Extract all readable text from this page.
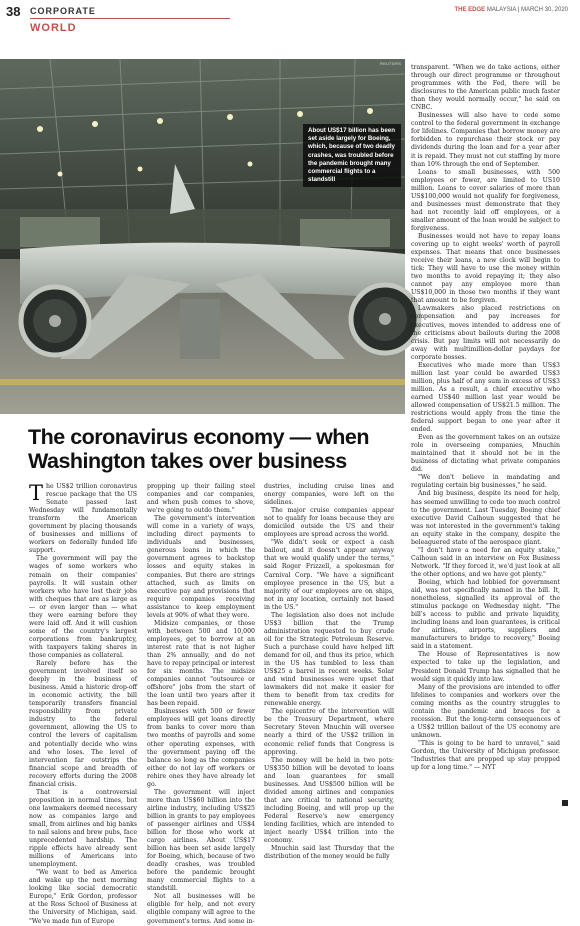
38 CORPORATE
WORLD
THE EDGE MALAYSIA | MARCH 30, 2020
REUTERS
About US$17 billion has been set aside largely for Boeing, which, because of two deadly crashes, was troubled before the pandemic brought many commercial flights to a standstill
The coronavirus economy — when Washington takes over business

The US$2 trillion coronavirus rescue package that the US Senate passed last Wednesday will fundamentally transform the American government by placing thousands of businesses and millions of workers on federally funded life support.

The government will pay the wages of some workers who remain on their companies' payrolls. It will sustain other workers who have lost their jobs with cheques that are as large as — or even larger than — what they were earning before they were laid off. And it will cushion some of the country's largest corporations from bankruptcy, with taxpayers taking shares in those companies as collateral.

Rarely before has the government involved itself so deeply in the business of business. Amid a historic drop-off in economic activity, the bill temporarily transfers financial responsibility from private industry to the federal government, allowing the US to control the levers of capitalism and potentially decide who wins and who loses. The level of intervention far outstrips the financial scope and breadth of recovery efforts during the 2008 financial crisis.

That is a controversial proposition in normal times, but one lawmakers deemed necessary now as companies large and small, from airlines and big banks to nail salons and brew pubs, face unprecedented hardship. The ripple effects have already sent millions of Americans into unemployment.

"We want to bed as America and wake up the next morning looking like social democratic Europe," Erik Gordon, professor at the Ross School of Business at the University of Michigan, said. "We've made fun of Europe

propping up their failing steel companies and car companies, and when push comes to shove, we're going to outdo them."

The government's intervention will come in a variety of ways, including direct payments to individuals and businesses, generous loans in which the government agrees to backstop losses and equity stakes in companies. But there are strings attached, such as limits on executive pay and provisions that require companies receiving assistance to keep employment levels at 90% of what they were.

Midsize companies, or those with between 500 and 10,000 employees, get to borrow at an interest rate that is not higher than 2% annually, and do not have to repay principal or interest for six months. The midsize companies cannot "outsource or offshore" jobs from the start of the loan until two years after it has been repaid.

Businesses with 500 or fewer employees will get loans directly from banks to cover more than two months of payrolls and some other operating expenses, with the government paying off the balance so long as the companies either do not lay off workers or rehire ones they have already let go.

The government will inject more than US$60 billion into the airline industry, including US$25 billion in grants to pay employees of passenger airlines and US$4 billion for those who work at cargo airlines. About US$17 billion has been set aside largely for Boeing, which, because of two deadly crashes, was troubled before the pandemic brought many commercial flights to a standstill.

Not all businesses will be eligible for help, and not every eligible company will agree to the government's terms. And some in-

dustries, including cruise lines and energy companies, were left on the sidelines.

The major cruise companies appear not to qualify for loans because they are domiciled outside the US and their employees are spread across the world.

"We didn't seek or expect a cash bailout, and it doesn't appear anyway that we would qualify under the terms," said Roger Frizzell, a spokesman for Carnival Corp. "We have a significant employee presence in the US, but a majority of our employees are on ships, not in any location, certainly not based in the US."

The legislation also does not include US$3 billion that the Trump administration requested to buy crude oil for the Strategic Petroleum Reserve. Such a purchase could have helped lift demand for oil, and thus its price, which in the US has tumbled to less than US$25 a barrel in recent weeks. Solar and wind businesses were upset that lawmakers did not make it easier for them to benefit from tax credits for renewable energy.

The epicentre of the intervention will be the Treasury Department, where Secretary Steven Mnuchin will oversee nearly a third of the US$2 trillion in economic relief funds that Congress is approving.

The money will be held in two pots: US$350 billion will be devoted to loans and loan guarantees for small businesses. And US$500 billion will be divided among airlines and companies that are critical to national security, including Boeing, and will prop up the Federal Reserve's new emergency lending facilities, which are intended to inject nearly US$4 trillion into the economy.

Mnuchin said last Thursday that the distribution of the money would be fully

transparent. "When we do take actions, either through our direct programme or throughout programmes with the Fed, there will be disclosures to the American public much faster than they would normally occur," he said on CNBC.

Businesses will also have to cede some control to the federal government in exchange for lifelines. Companies that borrow money are forbidden to repurchase their stock or pay dividends during the loan and for a year after it is repaid. They must not cut staffing by more than 10% through the end of September.

Loans to small businesses, with 500 employees or fewer, are limited to US10 million. Loans to cover salaries of more than US$100,000 would not qualify for forgiveness, and businesses must demonstrate that they had not recently laid off employees, or a smaller amount of the loan would be subject to forgiveness.

Businesses would not have to repay loans covering up to eight weeks' worth of payroll expenses. That means that once businesses receive their loans, a new clock will begin to tick: They will have to use the money within two months to avoid repaying it; they also cannot pay any employee more than US$10,000 in those two months if they want that amount to be forgiven.

Lawmakers also placed restrictions on compensation and pay increases for executives, moves intended to address one of the criticisms about bailouts during the 2008 crisis. But pay limits will not necessarily do away with multimillion-dollar paydays for corporate bosses.

Executives who made more than US$3 million last year could be awarded US$3 million, plus half of any sum in excess of US$3 million. As a result, a chief executive who earned US$40 million last year would be allowed compensation of US$21.5 million. The restrictions would apply from the time the federal support began to one year after it ended.

Even as the government takes on an outsize role in overseeing companies, Mnuchin maintained that it should not be in the business of dictating what private companies did.

"We don't believe in mandating and regulating certain big businesses," he said.

And big business, despite its need for help, has seemed unwilling to cede too much control to the government. Last Tuesday, Boeing chief executive David Calhoun suggested that he was not interested in the government's taking an equity stake in the company, despite the beleaguered state of the aerospace giant.

"I don't have a need for an equity stake," Calhoun said in an interview on Fox Business Network. "If they forced it, we'd just look at all the other options, and we have got plenty."

Boeing, which had lobbied for government aid, was not specifically named in the bill. It, nonetheless, signalled its approval of the stimulus package on Wednesday night. "The bill's access to public and private liquidity, including loans and loan guarantees, is critical for airlines, airports, suppliers and manufacturers to bridge to recovery," Boeing said in a statement.

The House of Representatives is now expected to take up the legislation, and President Donald Trump has signalled that he would sign it quickly into law.

Many of the provisions are intended to offer lifelines to companies and workers over the coming months as the country struggles to contain the pandemic and braces for a recession. But the long-term consequences of a US$2 trillion bailout of the US economy are unknown.

"This is going to be hard to unravel," said Gordon, the University of Michigan professor. "Industries that are propped up stay propped up for a long time." — NYT
